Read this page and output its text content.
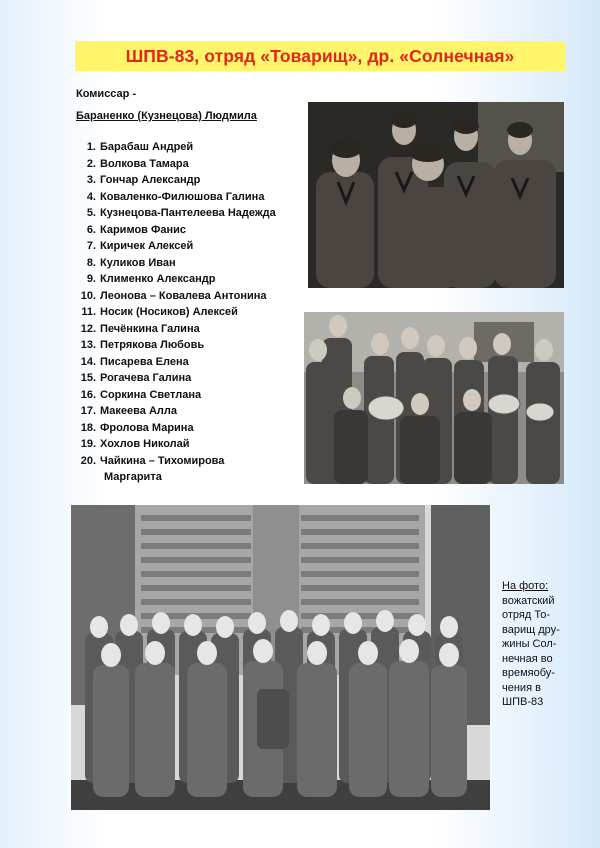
ШПВ-83, отряд «Товарищ», др. «Солнечная»
Комиссар -
Бараненко (Кузнецова) Людмила
1. Барабаш Андрей
2. Волкова Тамара
3. Гончар Александр
4. Коваленко-Филюшова Галина
5. Кузнецова-Пантелеева Надежда
6. Каримов Фанис
7. Киричек Алексей
8. Куликов Иван
9. Клименко Александр
10. Леонова – Ковалева Антонина
11. Носик (Носиков) Алексей
12. Печёнкина Галина
13. Петрякова Любовь
14. Писарева Елена
15. Рогачева Галина
16. Соркина Светлана
17. Макеева Алла
18. Фролова Марина
19. Хохлов Николай
20. Чайкина – Тихомирова
Маргарита
На фото:
вожатский
отряд То-
варищ дру-
жины Сол-
нечная во
времяобу-
чения в
ШПВ-83
